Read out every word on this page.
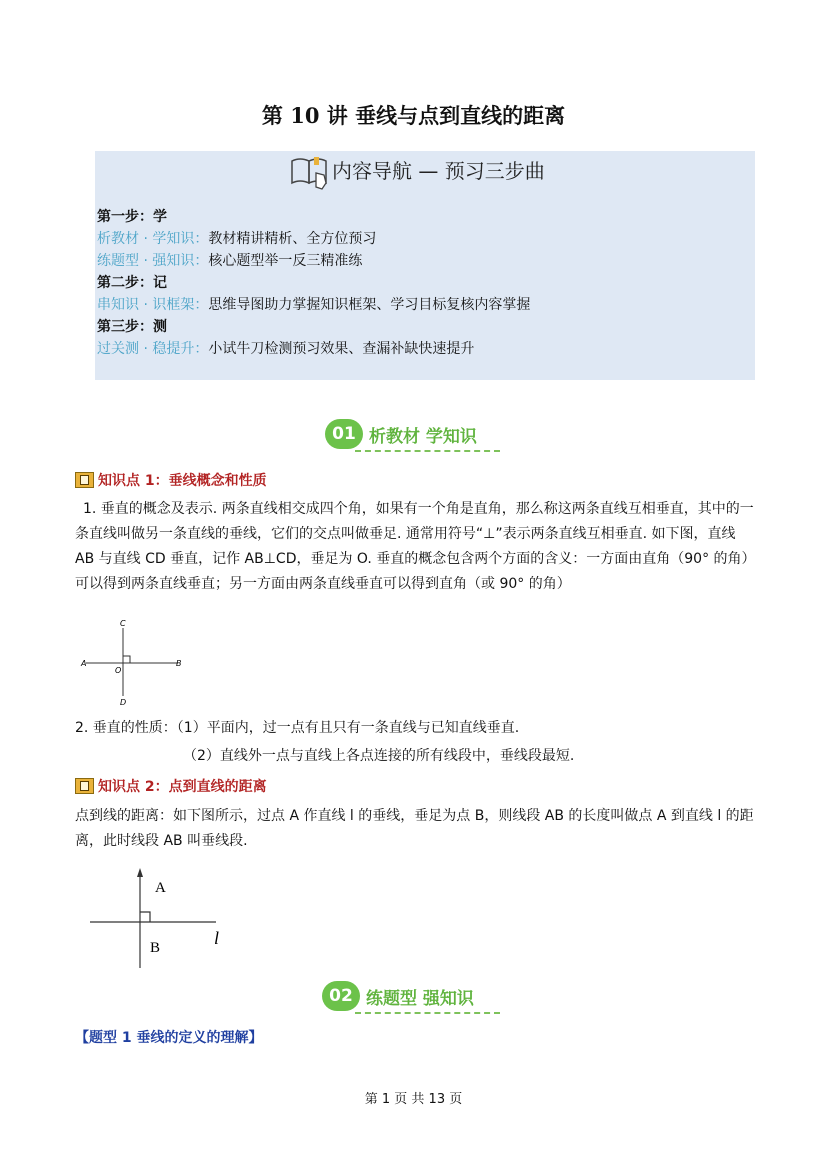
第 10 讲 垂线与点到直线的距离
内容导航 — 预习三步曲
第一步：学
析教材 · 学知识：教材精讲精析、全方位预习
练题型 · 强知识：核心题型举一反三精准练
第二步：记
串知识 · 识框架：思维导图助力掌握知识框架、学习目标复核内容掌握
第三步：测
过关测 · 稳提升：小试牛刀检测预习效果、查漏补缺快速提升
01 析教材 学知识
知识点 1：垂线概念和性质
1. 垂直的概念及表示. 两条直线相交成四个角，如果有一个角是直角，那么称这两条直线互相垂直，其中的一条直线叫做另一条直线的垂线，它们的交点叫做垂足. 通常用符号“⊥”表示两条直线互相垂直. 如下图，直线 AB 与直线 CD 垂直，记作 AB⊥CD，垂足为 O. 垂直的概念包含两个方面的含义：一方面由直角（90° 的角）可以得到两条直线垂直；另一方面由两条直线垂直可以得到直角（或 90° 的角）
A	B
C
D
O
2. 垂直的性质：（1）平面内，过一点有且只有一条直线与已知直线垂直.
（2）直线外一点与直线上各点连接的所有线段中，垂线段最短.
知识点 2：点到直线的距离
点到线的距离：如下图所示，过点 A 作直线 l 的垂线，垂足为点 B，则线段 AB 的长度叫做点 A 到直线 l 的距离，此时线段 AB 叫垂线段.
A
B	l
02 练题型 强知识
【题型 1 垂线的定义的理解】
第 1 页 共 13 页
